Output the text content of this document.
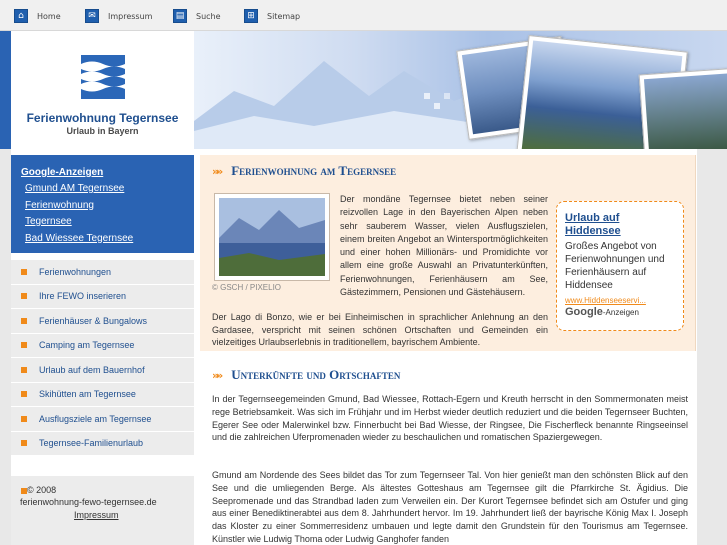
⌂	Home	✉	Impressum	▤	Suche	⊞	Sitemap
Ferienwohnung Tegernsee
Urlaub in Bayern
Google-Anzeigen
Gmund AM Tegernsee
Ferienwohnung
Tegernsee
Bad Wiessee Tegernsee
Ferienwohnungen
Ihre FEWO inserieren
Ferienhäuser & Bungalows
Camping am Tegernsee
Urlaub auf dem Bauernhof
Skihütten am Tegernsee
Ausflugsziele am Tegernsee
Tegernsee-Familienurlaub
© 2008
ferienwohnung-fewo-tegernsee.de
Impressum
»» Ferienwohnung am Tegernsee
© GSCH / PIXELIO
Der mondäne Tegernsee bietet neben seiner reizvollen Lage in den Bayerischen Alpen neben sehr sauberem Wasser, vielen Ausflugszielen, einem breiten Angebot an Wintersportmöglichkeiten und einer hohen Millionärs- und Promidichte vor allem eine große Auswahl an Privatunterkünften, Ferienwohnungen, Ferienhäusern am See, Gästezimmern, Pensionen und Gästehäusern.
Der Lago di Bonzo, wie er bei Einheimischen in sprachlicher Anlehnung an den Gardasee, verspricht mit seinen schönen Ortschaften und Gemeinden ein vielzeitiges Urlaubserlebnis in traditionellem, bayrischem Ambiente.
Urlaub auf Hiddensee
Großes Angebot von Ferienwohnungen und Ferienhäusern auf Hiddensee
www.Hiddenseeservi...
Google-Anzeigen
»» Unterkünfte und Ortschaften
In der Tegernseegemeinden Gmund, Bad Wiessee, Rottach-Egern und Kreuth herrscht in den Sommermonaten meist rege Betriebsamkeit. Was sich im Frühjahr und im Herbst wieder deutlich reduziert und die beiden Tegernseer Buchten, Egerer See oder Malerwinkel bzw. Finnerbucht bei Bad Wiesse, der Ringsee, Die Fischerfleck benannte Ringseeinsel und die zahlreichen Uferpromenaden wieder zu beschaulichen und romatischen Spaziergewegen.
Gmund am Nordende des Sees bildet das Tor zum Tegernseer Tal. Von hier genießt man den schönsten Blick auf den See und die umliegenden Berge. Als ältestes Gotteshaus am Tegernsee gilt die Pfarrkirche St. Ägidius. Die Seepromenade und das Strandbad laden zum Verweilen ein. Der Kurort Tegernsee befindet sich am Ostufer und ging aus einer Benediktinerabtei aus dem 8. Jahrhundert hervor. Im 19. Jahrhundert ließ der bayrische König Max I. Joseph das Kloster zu einer Sommerresidenz umbauen und legte damit den Grundstein für den Tourismus am Tegernsee. Künstler wie Ludwig Thoma oder Ludwig Ganghofer fanden
